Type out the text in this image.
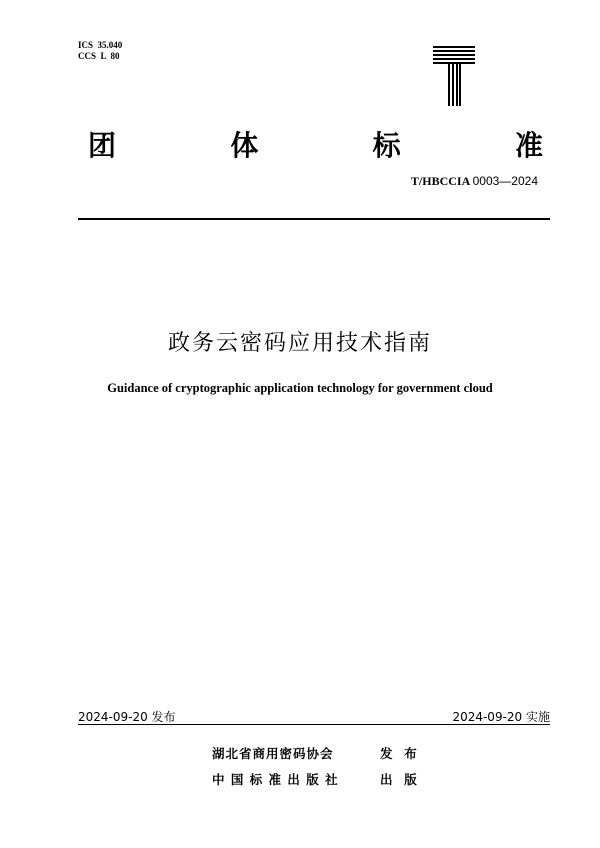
ICS  35.040
CCS  L  80
团	体	标	准
T/HBCCIA 0003—2024
政务云密码应用技术指南
Guidance of cryptographic application technology for government cloud
2024-09-20 发布	2024-09-20 实施
湖北省商用密码协会	发  布
中 国 标 准 出 版 社	出  版
